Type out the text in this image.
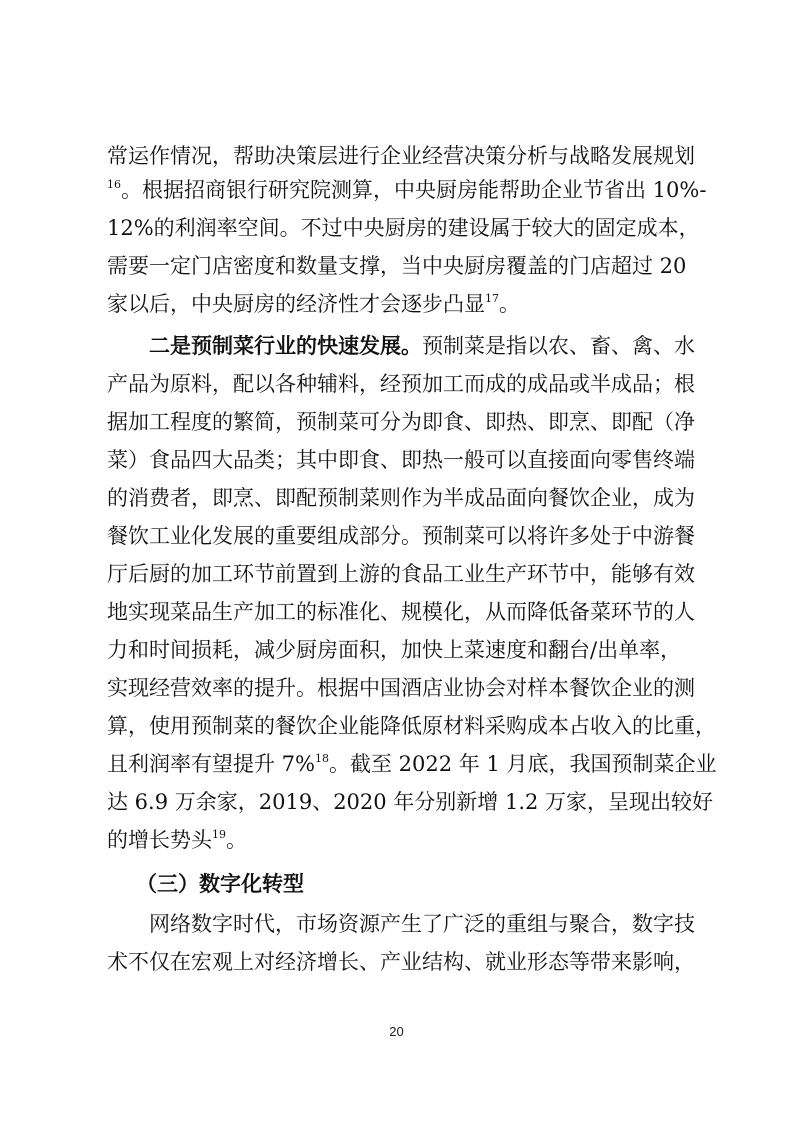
常运作情况，帮助决策层进行企业经营决策分析与战略发展规划
$^{16}$。根据招商银行研究院测算，中央厨房能帮助企业节省出 10%-
12%的利润率空间。不过中央厨房的建设属于较大的固定成本，
需要一定门店密度和数量支撑，当中央厨房覆盖的门店超过 20
家以后，中央厨房的经济性才会逐步凸显$^{17}$。
二是预制菜行业的快速发展。预制菜是指以农、畜、禽、水
产品为原料，配以各种辅料，经预加工而成的成品或半成品；根
据加工程度的繁简，预制菜可分为即食、即热、即烹、即配（净
菜）食品四大品类；其中即食、即热一般可以直接面向零售终端
的消费者，即烹、即配预制菜则作为半成品面向餐饮企业，成为
餐饮工业化发展的重要组成部分。预制菜可以将许多处于中游餐
厅后厨的加工环节前置到上游的食品工业生产环节中，能够有效
地实现菜品生产加工的标准化、规模化，从而降低备菜环节的人
力和时间损耗，减少厨房面积，加快上菜速度和翻台/出单率，
实现经营效率的提升。根据中国酒店业协会对样本餐饮企业的测
算，使用预制菜的餐饮企业能降低原材料采购成本占收入的比重，
且利润率有望提升 7%$^{18}$。截至 2022 年 1 月底，我国预制菜企业
达 6.9 万余家，2019、2020 年分别新增 1.2 万家，呈现出较好
的增长势头$^{19}$。
（三）数字化转型
网络数字时代，市场资源产生了广泛的重组与聚合，数字技
术不仅在宏观上对经济增长、产业结构、就业形态等带来影响，
20
